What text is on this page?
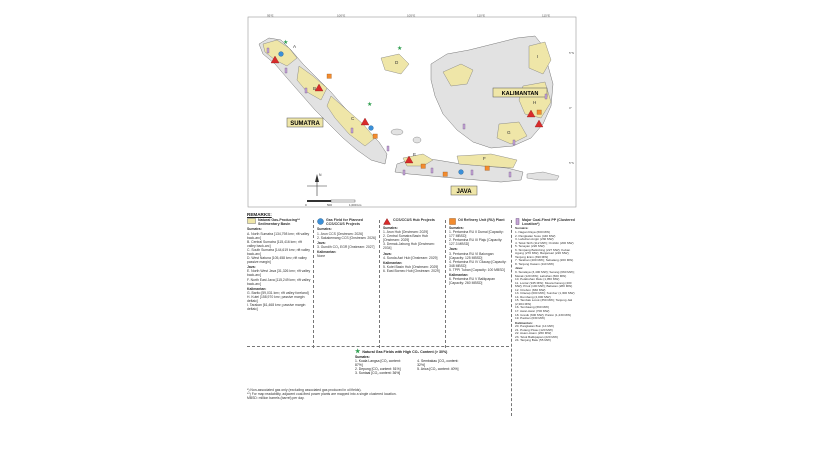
95°E	100°E	105°E	110°E	115°E
5°N
0°
5°S
SUMATRA
KALIMANTAN
JAVA
A
B
C
D
E
F
G
H
I
★
★
★
N
0	500	1,000 km
REMARKS:
Natural Gas-Producing** Sedimentary Basin
Sumatra:
A. North Sumatra [134,798 km²; rift valley back-arc]
B. Central Sumatra [115,416 km²; rift valley back-arc]
C. South Sumatra [144,619 km²; rift valley back-arc]
D. West Natuna [105,458 km²; rift valley passive margin]
Java:
E. North West Java [31,326 km²; rift valley back-arc]
F. North East Java [115,249 km²; rift valley back-arc]
Kalimantan:
G. Barito [59,031 km²; rift valley foreland]
H. Kutei [158,970 km²; passive margin deltaic]
I. Tarakan [61,468 km²; passive margin deltaic]
Gas Field for Planned CCS/CCUS Projects
Sumatra:
1. Arun CCS [Onstream: 2026]
2. Sakakemang CCS [Onstream: 2026]
Java:
3. Gundih CO₂ EGR [Onstream: 2027]
Kalimantan:
None
CCS/CCUS Hub Projects
Sumatra:
1. Arun Hub [Onstream: 2029]
2. Central Sumatra Basin Hub [Onstream: 2029]
3. Demak-Jabung Hub [Onstream: 2034]
Java:
4. Sunda Asri Hub [Onstream: 2029]
Kalimantan:
5. Kutei Basin Hub [Onstream: 2029]
6. East Borneo Hub [Onstream: 2029]
Oil Refinery Unit (RU) Plant
Sumatra:
1. Pertamina RU II Dumai [Capacity: 177 MBSD]
2. Pertamina RU III Plaju [Capacity: 127.3 MBSD]
Java:
3. Pertamina RU VI Balongan [Capacity: 125 MBSD]
4. Pertamina RU IV Cilacap [Capacity: 348 MBSD]
5. TPPI Tuban [Capacity: 100 MBSD]
Kalimantan:
6. Pertamina RU V Balikpapan [Capacity: 260 MBSD]
Major Coal-Fired PP (Clustered Location*)
Sumatra:
1. Nagan Raya (600 MW)
2. Pangkalan Susu (440 MW)
3. Labuhan Angin (230 MW)
4. Teluk Sirih (112 MW); Ombilin (200 MW)
5. Tenayan (220 MW)
6. Simpang Belimbing (227 MW); Keban Agung (270 MW); Banjarsari (220 MW); Tanjung Enim (390 MW)
7. Tarahan (200 MW); Sebalang (200 MW)
8. Tanjung Kasam (110 MW)
Java:
9. Suralaya (3,400 MW); Serang (660 MW); Merak (120 MW); Labuhan (600 MW)
10. Pelabuhan Ratu (1,050 MW)
11. Lontar (945 MW); Muara Karang (400 MW); Priok (100 MW); Babelan (280 MW)
12. Cirebon (660 MW)
13. Cilacap (600 MW); Sumber (1,300 MW)
14. Rembang (2,000 MW)
15. Tambak Lorok (350 MW); Tanjung Jati (2,904 MW)
16. Tembaang (660 MW)
17. Awar-Awar (700 MW)
18. Gresik (600 MW); Paiton (1,230 MW)
19. Pacitan (630 MW)
Kalimantan:
20. Pangkalan Bun (14 MW)
21. Pulang Pisau (120 MW)
22. Asam-Asam (260 MW)
23. Teluk Balikpapan (220 MW)
24. Tanjung Batu (55 MW)
★ Natural Gas Fields with High CO₂ Content (> 30%)
Sumatra:
1. Kuala Langsa [CO₂ content: 87%]
2. Depung [CO₂ content: 51%]
3. Suntaai [CO₂ content: 36%]

4. Sembakau [CO₂ content: 32%]
5. Arica [CO₂ content: 40%]
*) Non-associated gas only (excluding associated gas produced in oil fields).
**) For map readability, adjacent coal-fired power plants are mapped into a single clustered location.
MBSD: million barrels (barrel) per day.
